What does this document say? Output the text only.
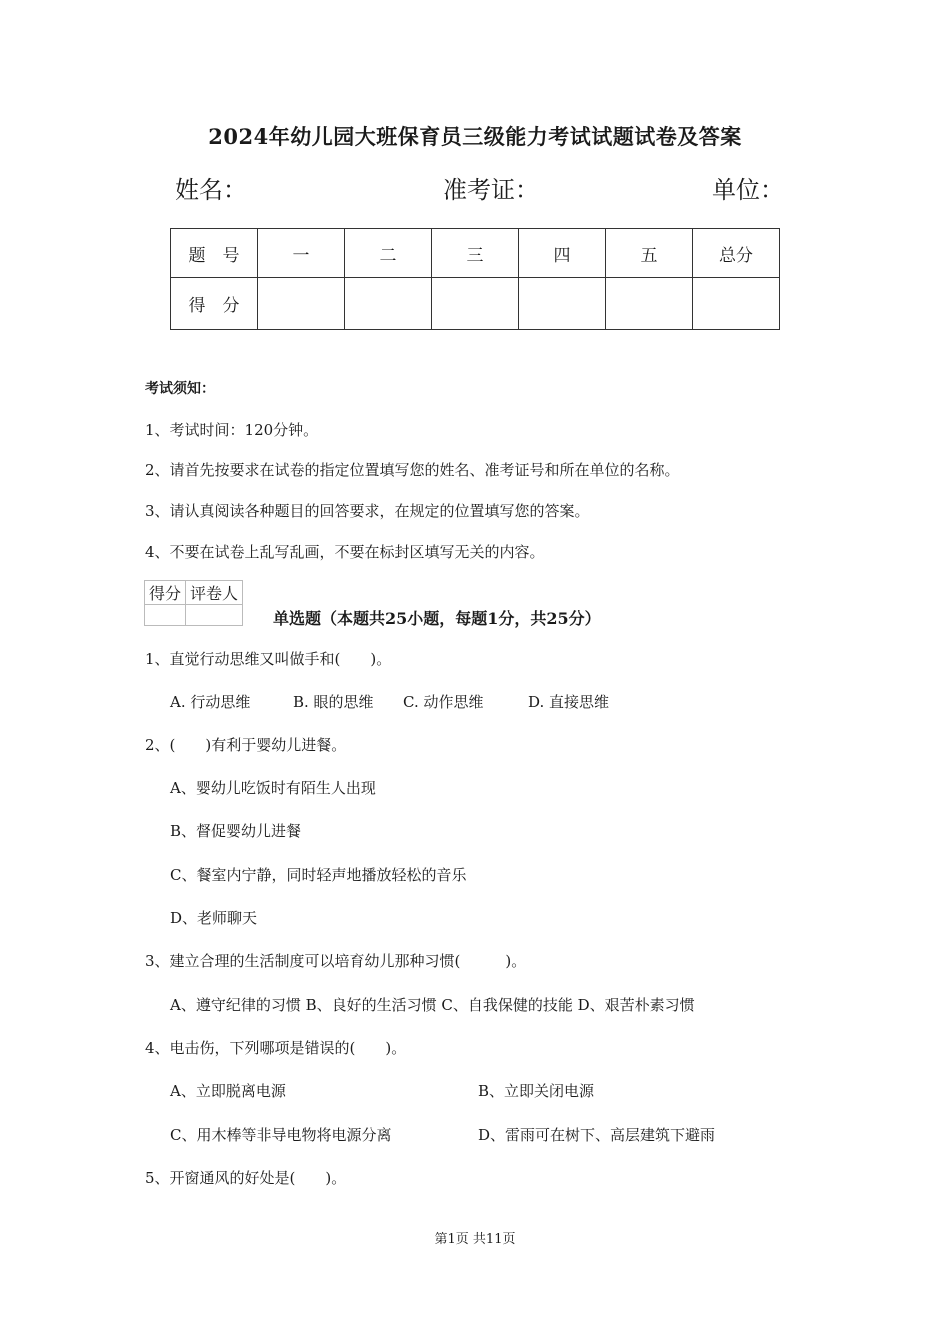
2024年幼儿园大班保育员三级能力考试试题试卷及答案
姓名：	准考证：	单位：
题　号	一	二	三	四	五	总分
得　分						
考试须知：
1、考试时间：120分钟。
2、请首先按要求在试卷的指定位置填写您的姓名、准考证号和所在单位的名称。
3、请认真阅读各种题目的回答要求，在规定的位置填写您的答案。
4、不要在试卷上乱写乱画，不要在标封区填写无关的内容。
得分	评卷人

单选题（本题共25小题，每题1分，共25分）
1、直觉行动思维又叫做手和(　　)。
A. 行动思维	B. 眼的思维 C. 动作思维	D. 直接思维
2、(　　)有利于婴幼儿进餐。
A、婴幼儿吃饭时有陌生人出现
B、督促婴幼儿进餐
C、餐室内宁静，同时轻声地播放轻松的音乐
D、老师聊天
3、建立合理的生活制度可以培育幼儿那种习惯(　　　)。
A、遵守纪律的习惯 B、良好的生活习惯 C、自我保健的技能 D、艰苦朴素习惯
4、电击伤，下列哪项是错误的(　　)。
A、立即脱离电源	B、立即关闭电源
C、用木棒等非导电物将电源分离	D、雷雨可在树下、高层建筑下避雨
5、开窗通风的好处是(　　)。
第1页 共11页
